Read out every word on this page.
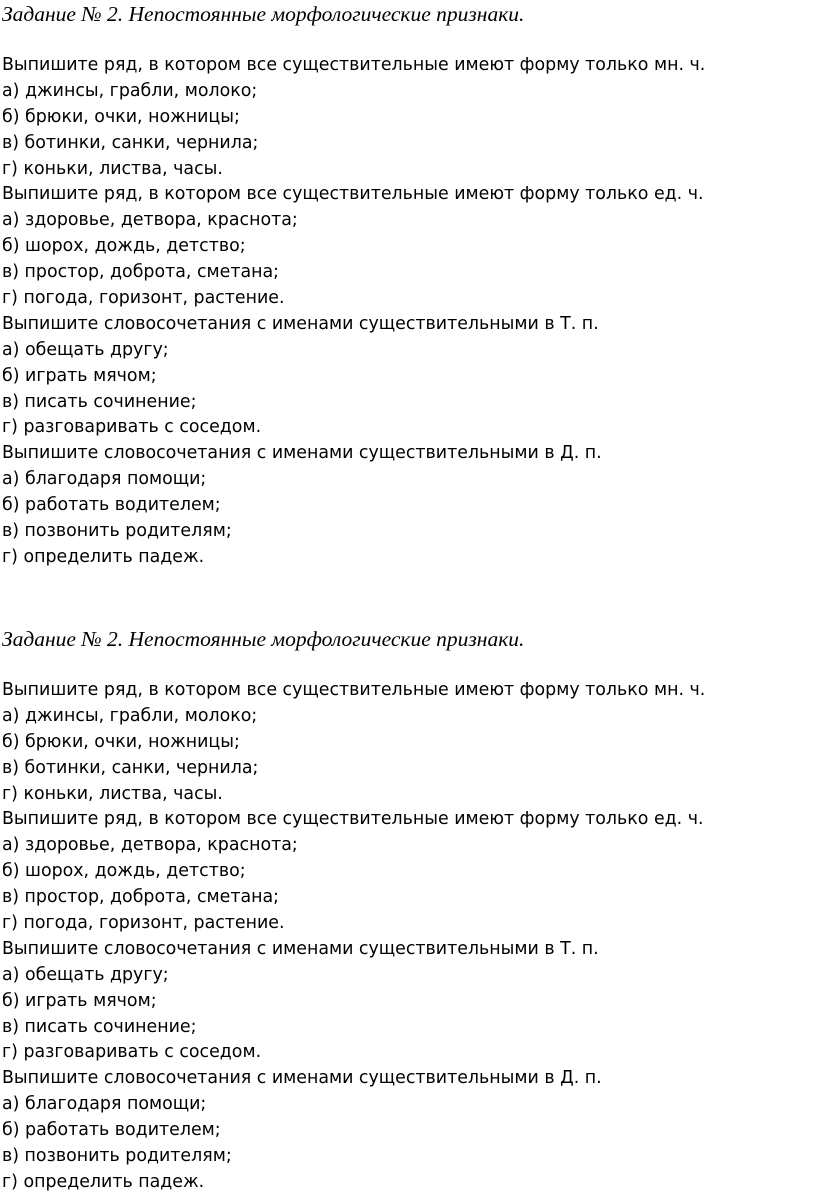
Задание № 2. Непостоянные морфологические признаки.
Выпишите ряд, в котором все существительные имеют форму только мн. ч.
а) джинсы, грабли, молоко;
б) брюки, очки, ножницы;
в) ботинки, санки, чернила;
г) коньки, листва, часы.
Выпишите ряд, в котором все существительные имеют форму только ед. ч.
а) здоровье, детвора, краснота;
б) шорох, дождь, детство;
в) простор, доброта, сметана;
г) погода, горизонт, растение.
Выпишите словосочетания с именами существительными в Т. п.
а) обещать другу;
б) играть мячом;
в) писать сочинение;
г) разговаривать с соседом.
Выпишите словосочетания с именами существительными в Д. п.
а) благодаря помощи;
б) работать водителем;
в) позвонить родителям;
г) определить падеж.
Задание № 2. Непостоянные морфологические признаки.
Выпишите ряд, в котором все существительные имеют форму только мн. ч.
а) джинсы, грабли, молоко;
б) брюки, очки, ножницы;
в) ботинки, санки, чернила;
г) коньки, листва, часы.
Выпишите ряд, в котором все существительные имеют форму только ед. ч.
а) здоровье, детвора, краснота;
б) шорох, дождь, детство;
в) простор, доброта, сметана;
г) погода, горизонт, растение.
Выпишите словосочетания с именами существительными в Т. п.
а) обещать другу;
б) играть мячом;
в) писать сочинение;
г) разговаривать с соседом.
Выпишите словосочетания с именами существительными в Д. п.
а) благодаря помощи;
б) работать водителем;
в) позвонить родителям;
г) определить падеж.
